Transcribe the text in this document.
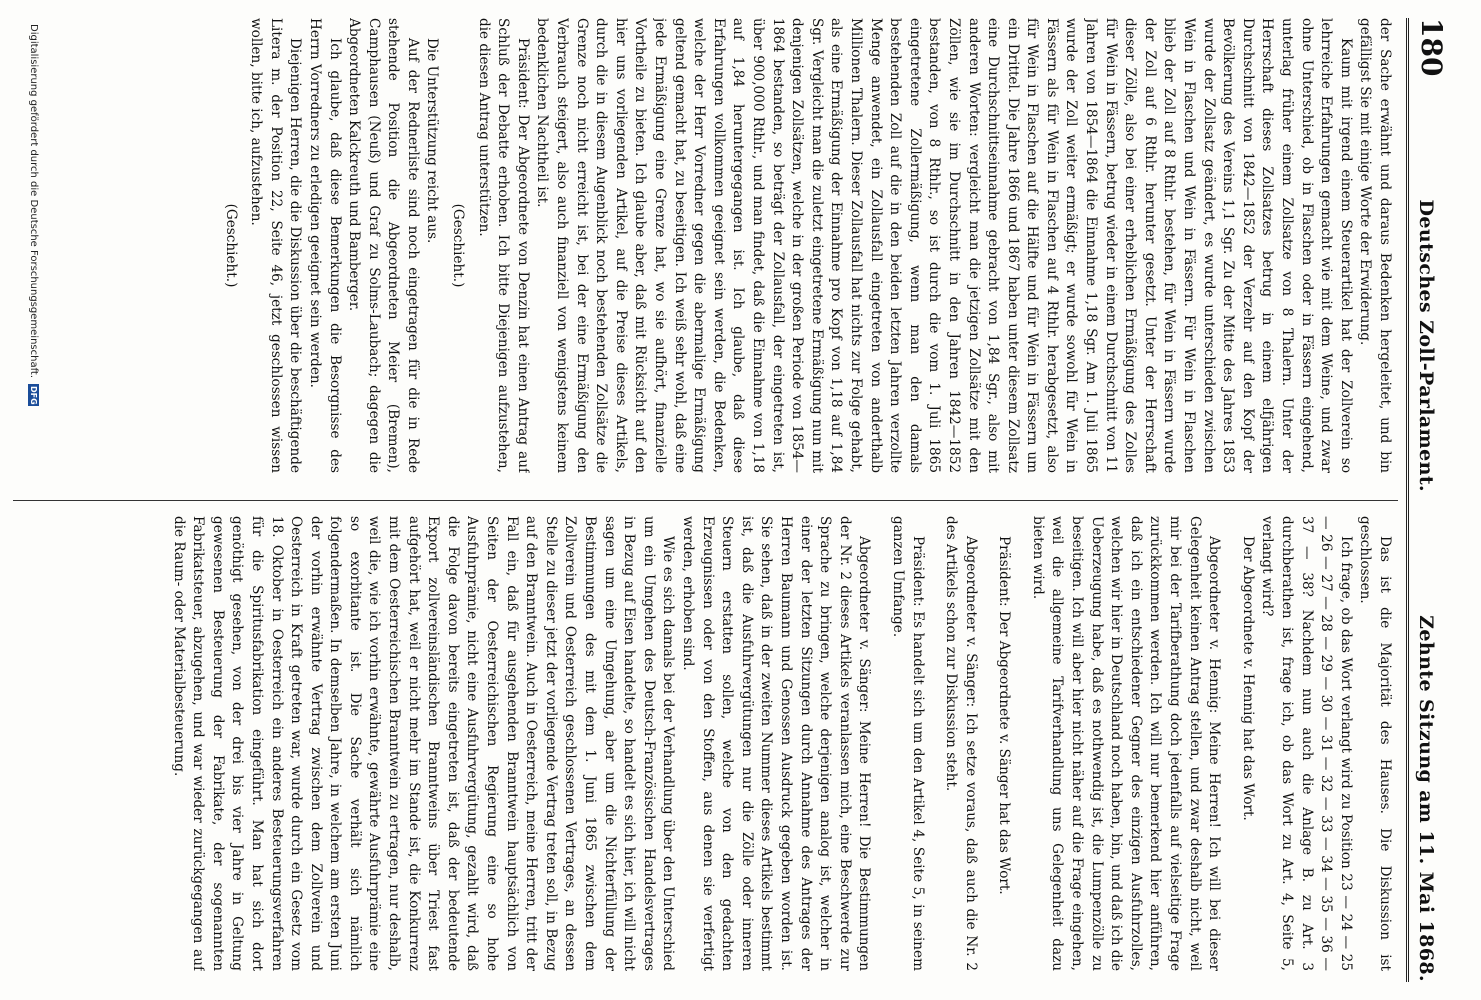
180
Deutsches Zoll-Parlament.
Zehnte Sitzung am 11. Mai 1868.

der Sache erwähnt und daraus Bedenken hergeleitet, und bin gefälligst Sie mit einige Worte der Erwiderung.

Kaum mit irgend einem Steuerartikel hat der Zollverein so lehrreiche Erfahrungen gemacht wie mit dem Weine, und zwar ohne Unterschied, ob in Flaschen oder in Fässern eingehend, unterlag früher einem Zollsatze von 8 Thalern. Unter der Herrschaft dieses Zollsatzes betrug in einem elfjährigen Durchschnitt von 1842—1852 der Verzehr auf den Kopf der Bevölkerung des Vereins 1,1 Sgr. Zu der Mitte des Jahres 1853 wurde der Zollsatz geändert, es wurde unterschieden zwischen Wein in Flaschen und Wein in Fässern. Für Wein in Flaschen blieb der Zoll auf 8 Rthlr. bestehen, für Wein in Fässern wurde der Zoll auf 6 Rthlr. herunter gesetzt. Unter der Herrschaft dieser Zölle, also bei einer erheblichen Ermäßigung des Zolles für Wein in Fässern, betrug wieder in einem Durchschnitt von 11 Jahren von 1854—1864 die Einnahme 1,18 Sgr. Am 1. Juli 1865 wurde der Zoll weiter ermäßigt; er wurde sowohl für Wein in Fässern als für Wein in Flaschen auf 4 Rthlr. herabgesetzt, also für Wein in Flaschen auf die Hälfte und für Wein in Fässern um ein Drittel. Die Jahre 1866 und 1867 haben unter diesem Zollsatz eine Durchschnittseinnahme gebracht von 1,84 Sgr., also mit anderen Worten: vergleicht man die jetzigen Zollsätze mit den Zöllen, wie sie im Durchschnitt in den Jahren 1842—1852 bestanden, von 8 Rthlr., so ist durch die vom 1. Juli 1865 eingetretene Zollermäßigung, wenn man den damals bestehenden Zoll auf die in den beiden letzten Jahren verzollte Menge anwendet, ein Zollausfall eingetreten von anderthalb Millionen Thalern. Dieser Zollausfall hat nichts zur Folge gehabt, als eine Ermäßigung der Einnahme pro Kopf von 1,18 auf 1,84 Sgr. Vergleicht man die zuletzt eingetretene Ermäßigung nun mit denjenigen Zollsätzen, welche in der großen Periode von 1854—1864 bestanden, so beträgt der Zollausfall, der eingetreten ist, über 900,000 Rthlr., und man findet, daß die Einnahme von 1,18 auf 1,84 heruntergegangen ist. Ich glaube, daß diese Erfahrungen vollkommen geeignet sein werden, die Bedenken, welche der Herr Vorredner gegen die abermalige Ermäßigung geltend gemacht hat, zu beseitigen. Ich weiß sehr wohl, daß eine jede Ermäßigung eine Grenze hat, wo sie aufhört, finanzielle Vortheile zu bieten. Ich glaube aber, daß mit Rücksicht auf den hier uns vorliegenden Artikel, auf die Preise dieses Artikels, durch die in diesem Augenblick noch bestehenden Zollsätze die Grenze noch nicht erreicht ist, bei der eine Ermäßigung den Verbrauch steigert, also auch finanziell von wenigstens keinem bedenklichen Nachtheil ist.

Präsident: Der Abgeordnete von Denzin hat einen Antrag auf Schluß der Debatte erhoben. Ich bitte Diejenigen aufzustehen, die diesen Antrag unterstützen.

(Geschieht.)

Die Unterstützung reicht aus.

Auf der Rednerliste sind noch eingetragen für die in Rede stehende Position die Abgeordneten Meier (Bremen), Camphausen (Neuß) und Graf zu Solms-Laubach; dagegen die Abgeordneten Kalckreuth und Bamberger.

Ich glaube, daß diese Bemerkungen die Besorgnisse des Herrn Vorredners zu erledigen geeignet sein werden.

Diejenigen Herren, die die Diskussion über die beschäftigende Litera m. der Position 22, Seite 46, jetzt geschlossen wissen wollen, bitte ich, aufzustehen.

(Geschieht.)

Das ist die Majorität des Hauses. Die Diskussion ist geschlossen.

Ich frage, ob das Wort verlangt wird zu Position 23 — 24 — 25 — 26 — 27 — 28 — 29 — 30 — 31 — 32 — 33 — 34 — 35 — 36 — 37 — 38? Nachdem nun auch die Anlage B. zu Art. 3 durchberathen ist, frage ich, ob das Wort zu Art. 4, Seite 5, verlangt wird?

Der Abgeordnete v. Hennig hat das Wort.

Abgeordneter v. Hennig: Meine Herren! Ich will bei dieser Gelegenheit keinen Antrag stellen, und zwar deshalb nicht, weil mir bei der Tarifberathung doch jedenfalls auf vielseitige Frage zurückkommen werden. Ich will nur bemerkend hier anführen, daß ich ein entschiedener Gegner des einzigen Ausfuhrzolles, welchen wir hier in Deutschland noch haben, bin, und daß ich die Ueberzeugung habe, daß es nothwendig ist, die Lumpenzölle zu beseitigen. Ich will aber hier nicht näher auf die Frage eingehen, weil die allgemeine Tarifverhandlung uns Gelegenheit dazu bieten wird.

Präsident: Der Abgeordnete v. Sänger hat das Wort.

Abgeordneter v. Sänger: Ich setze voraus, daß auch die Nr. 2 des Artikels schon zur Diskussion steht.

Präsident: Es handelt sich um den Artikel 4, Seite 5, in seinem ganzen Umfange.

Abgeordneter v. Sänger: Meine Herren! Die Bestimmungen der Nr. 2 dieses Artikels veranlassen mich, eine Beschwerde zur Sprache zu bringen, welche derjenigen analog ist, welcher in einer der letzten Sitzungen durch Annahme des Antrages der Herren Baumann und Genossen Ausdruck gegeben worden ist. Sie sehen, daß in der zweiten Nummer dieses Artikels bestimmt ist, daß die Ausfuhrvergütungen nur die Zölle oder inneren Steuern erstatten sollen, welche von den gedachten Erzeugnissen oder von den Stoffen, aus denen sie verfertigt werden, erhoben sind.

Wie es sich damals bei der Verhandlung über den Unterschied um ein Umgehen des Deutsch-Französischen Handelsvertrages in Bezug auf Eisen handelte, so handelt es sich hier, ich will nicht sagen um eine Umgehung, aber um die Nichterfüllung der Bestimmungen des mit dem 1. Juni 1865 zwischen dem Zollverein und Oesterreich geschlossenen Vertrages, an dessen Stelle zu dieser jetzt der vorliegende Vertrag treten soll, in Bezug auf den Branntwein. Auch in Oesterreich, meine Herren, tritt der Fall ein, daß für ausgehenden Branntwein hauptsächlich von Seiten der Oesterreichischen Regierung eine so hohe Ausfuhrprämie, nicht eine Ausfuhrvergütung, gezahlt wird, daß die Folge davon bereits eingetreten ist, daß der bedeutende Export zollvereinsländischen Branntweins über Triest fast aufgehört hat, weil er nicht mehr im Stande ist, die Konkurrenz mit dem Oesterreichischen Branntwein zu ertragen, nur deshalb, weil die, wie ich vorhin erwähnte, gewährte Ausfuhrprämie eine so exorbitante ist. Die Sache verhält sich nämlich folgendermaßen. In demselben Jahre, in welchem am ersten Juni der vorhin erwähnte Vertrag zwischen dem Zollverein und Oesterreich in Kraft getreten war, wurde durch ein Gesetz vom 18. Oktober in Oesterreich ein anderes Besteuerungsverfahren für die Spiritusfabrikation eingeführt. Man hat sich dort genöthigt gesehen, von der drei bis vier Jahre in Geltung gewesenen Besteuerung der Fabrikate, der sogenannten Fabrikatsteuer, abzugehen, und war wieder zurückgegangen auf die Raum- oder Materialbesteuerung.

Digitalisierung gefördert durch die Deutsche Forschungsgemeinschaft.
DFG
